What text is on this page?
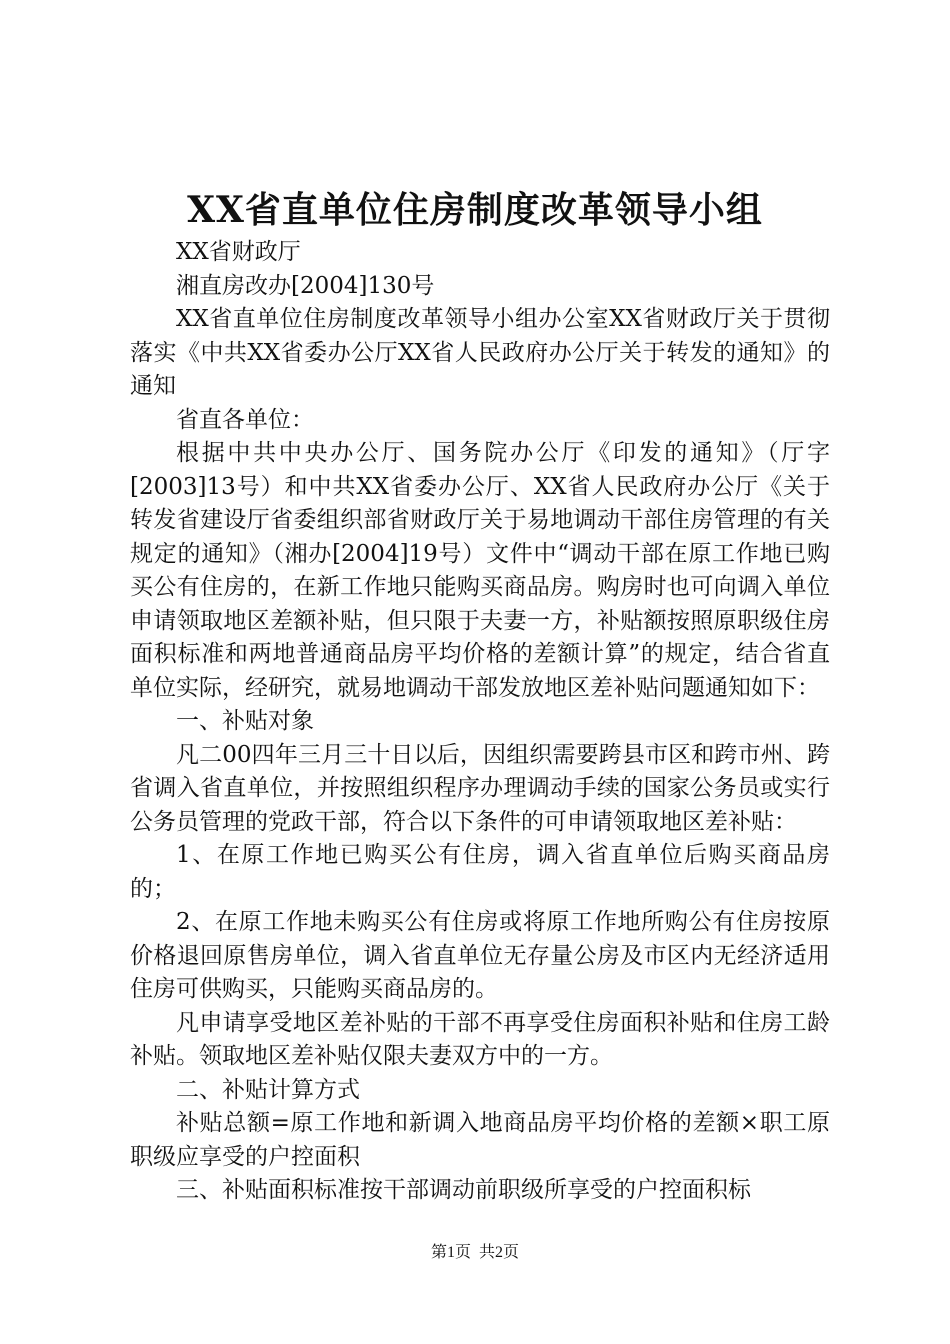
XX省直单位住房制度改革领导小组

XX省财政厅

湘直房改办[2004]130号

XX省直单位住房制度改革领导小组办公室XX省财政厅关于贯彻落实《中共XX省委办公厅XX省人民政府办公厅关于转发的通知》的通知

省直各单位：

根据中共中央办公厅、国务院办公厅《印发的通知》（厅字[2003]13号）和中共XX省委办公厅、XX省人民政府办公厅《关于转发省建设厅省委组织部省财政厅关于易地调动干部住房管理的有关规定的通知》（湘办[2004]19号）文件中“调动干部在原工作地已购买公有住房的，在新工作地只能购买商品房。购房时也可向调入单位申请领取地区差额补贴，但只限于夫妻一方，补贴额按照原职级住房面积标准和两地普通商品房平均价格的差额计算”的规定，结合省直单位实际，经研究，就易地调动干部发放地区差补贴问题通知如下：

一、补贴对象

凡二00四年三月三十日以后，因组织需要跨县市区和跨市州、跨省调入省直单位，并按照组织程序办理调动手续的国家公务员或实行公务员管理的党政干部，符合以下条件的可申请领取地区差补贴：

1、在原工作地已购买公有住房，调入省直单位后购买商品房的；

2、在原工作地未购买公有住房或将原工作地所购公有住房按原价格退回原售房单位，调入省直单位无存量公房及市区内无经济适用住房可供购买，只能购买商品房的。

凡申请享受地区差补贴的干部不再享受住房面积补贴和住房工龄补贴。领取地区差补贴仅限夫妻双方中的一方。

二、补贴计算方式

补贴总额=原工作地和新调入地商品房平均价格的差额×职工原职级应享受的户控面积

三、补贴面积标准按干部调动前职级所享受的户控面积标

第1页 共2页
